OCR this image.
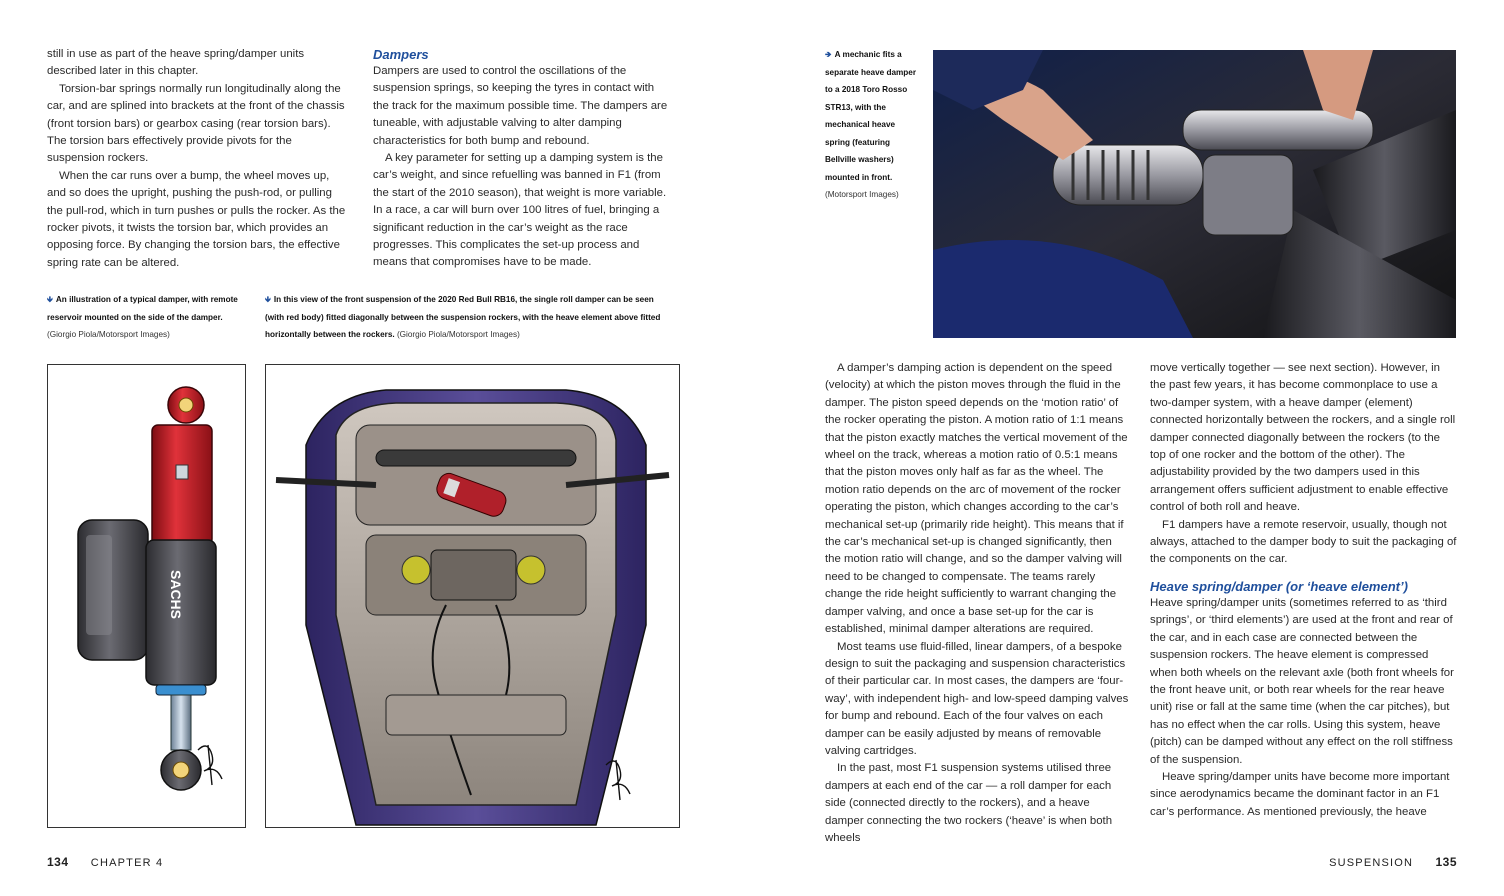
still in use as part of the heave spring/damper units described later in this chapter.

Torsion-bar springs normally run longitudinally along the car, and are splined into brackets at the front of the chassis (front torsion bars) or gearbox casing (rear torsion bars). The torsion bars effectively provide pivots for the suspension rockers.

When the car runs over a bump, the wheel moves up, and so does the upright, pushing the push-rod, or pulling the pull-rod, which in turn pushes or pulls the rocker. As the rocker pivots, it twists the torsion bar, which provides an opposing force. By changing the torsion bars, the effective spring rate can be altered.

Dampers

Dampers are used to control the oscillations of the suspension springs, so keeping the tyres in contact with the track for the maximum possible time. The dampers are tuneable, with adjustable valving to alter damping characteristics for both bump and rebound.

A key parameter for setting up a damping system is the car’s weight, and since refuelling was banned in F1 (from the start of the 2010 season), that weight is more variable. In a race, a car will burn over 100 litres of fuel, bringing a significant reduction in the car’s weight as the race progresses. This complicates the set-up process and means that compromises have to be made.

🡻 An illustration of a typical damper, with remote reservoir mounted on the side of the damper. (Giorgio Piola/Motorsport Images)
🡻 In this view of the front suspension of the 2020 Red Bull RB16, the single roll damper can be seen (with red body) fitted diagonally between the suspension rockers, with the heave element above fitted horizontally between the rockers. (Giorgio Piola/Motorsport Images)
SACHS
134 CHAPTER 4
🡺 A mechanic fits a separate heave damper to a 2018 Toro Rosso STR13, with the mechanical heave spring (featuring Bellville washers) mounted in front. (Motorsport Images)

A damper’s damping action is dependent on the speed (velocity) at which the piston moves through the fluid in the damper. The piston speed depends on the ‘motion ratio’ of the rocker operating the piston. A motion ratio of 1:1 means that the piston exactly matches the vertical movement of the wheel on the track, whereas a motion ratio of 0.5:1 means that the piston moves only half as far as the wheel. The motion ratio depends on the arc of movement of the rocker operating the piston, which changes according to the car’s mechanical set-up (primarily ride height). This means that if the car’s mechanical set-up is changed significantly, then the motion ratio will change, and so the damper valving will need to be changed to compensate. The teams rarely change the ride height sufficiently to warrant changing the damper valving, and once a base set-up for the car is established, minimal damper alterations are required.

Most teams use fluid-filled, linear dampers, of a bespoke design to suit the packaging and suspension characteristics of their particular car. In most cases, the dampers are ‘four-way’, with independent high- and low-speed damping valves for bump and rebound. Each of the four valves on each damper can be easily adjusted by means of removable valving cartridges.

In the past, most F1 suspension systems utilised three dampers at each end of the car — a roll damper for each side (connected directly to the rockers), and a heave damper connecting the two rockers (‘heave’ is when both wheels

move vertically together — see next section). However, in the past few years, it has become commonplace to use a two-damper system, with a heave damper (element) connected horizontally between the rockers, and a single roll damper connected diagonally between the rockers (to the top of one rocker and the bottom of the other). The adjustability provided by the two dampers used in this arrangement offers sufficient adjustment to enable effective control of both roll and heave.

F1 dampers have a remote reservoir, usually, though not always, attached to the damper body to suit the packaging of the components on the car.

Heave spring/damper (or ‘heave element’)

Heave spring/damper units (sometimes referred to as ‘third springs’, or ‘third elements’) are used at the front and rear of the car, and in each case are connected between the suspension rockers. The heave element is compressed when both wheels on the relevant axle (both front wheels for the front heave unit, or both rear wheels for the rear heave unit) rise or fall at the same time (when the car pitches), but has no effect when the car rolls. Using this system, heave (pitch) can be damped without any effect on the roll stiffness of the suspension.

Heave spring/damper units have become more important since aerodynamics became the dominant factor in an F1 car’s performance. As mentioned previously, the heave

SUSPENSION 135
